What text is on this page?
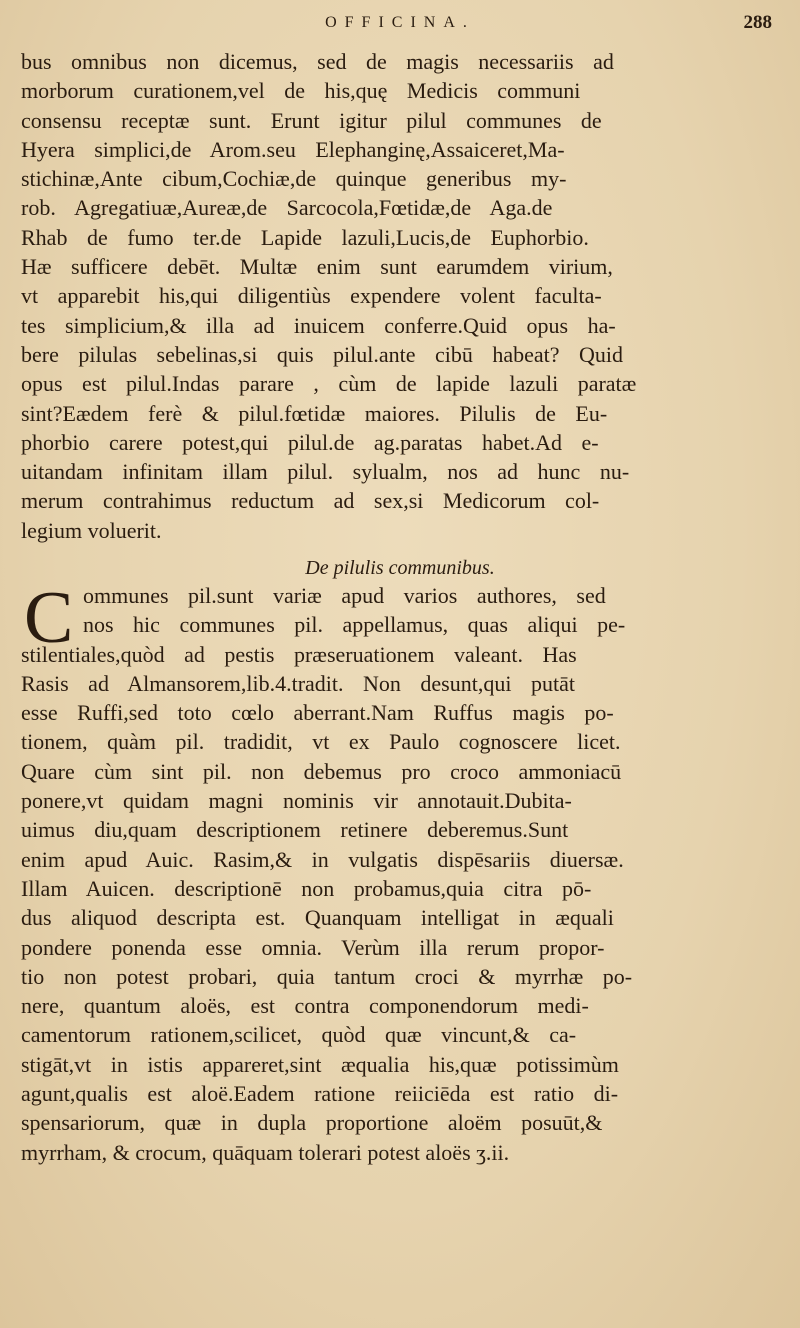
OFFICINA.	288
bus omnibus non dicemus, sed de magis necessariis ad
morborum curationem,vel de his,quę Medicis communi
consensu receptæ sunt. Erunt igitur pilul communes de
Hyera simplici,de Arom.seu Elephanginę,Assaiceret,Ma-
stichinæ,Ante cibum,Cochiæ,de quinque generibus my-
rob. Agregatiuæ,Aureæ,de Sarcocola,Fœtidæ,de Aga.de
Rhab de fumo ter.de Lapide lazuli,Lucis,de Euphorbio.
Hæ sufficere debēt. Multæ enim sunt earumdem virium,
vt apparebit his,qui diligentiùs expendere volent faculta-
tes simplicium,& illa ad inuicem conferre.Quid opus ha-
bere pilulas sebelinas,si quis pilul.ante cibū habeat? Quid
opus est pilul.Indas parare , cùm de lapide lazuli paratæ
sint?Eædem ferè & pilul.fœtidæ maiores. Pilulis de Eu-
phorbio carere potest,qui pilul.de ag.paratas habet.Ad e-
uitandam infinitam illam pilul. sylualm, nos ad hunc nu-
merum contrahimus reductum ad sex,si Medicorum col-
legium voluerit.
De pilulis communibus.
C ommunes pil.sunt variæ apud varios authores, sed
nos hic communes pil. appellamus, quas aliqui pe-
stilentiales,quòd ad pestis præseruationem valeant. Has
Rasis ad Almansorem,lib.4.tradit. Non desunt,qui putāt
esse Ruffi,sed toto cœlo aberrant.Nam Ruffus magis po-
tionem, quàm pil. tradidit, vt ex Paulo cognoscere licet.
Quare cùm sint pil. non debemus pro croco ammoniacū
ponere,vt quidam magni nominis vir annotauit.Dubita-
uimus diu,quam descriptionem retinere deberemus.Sunt
enim apud Auic. Rasim,& in vulgatis dispēsariis diuersæ.
Illam Auicen. descriptionē non probamus,quia citra pō-
dus aliquod descripta est. Quanquam intelligat in æquali
pondere ponenda esse omnia. Verùm illa rerum propor-
tio non potest probari, quia tantum croci & myrrhæ po-
nere, quantum aloës, est contra componendorum medi-
camentorum rationem,scilicet, quòd quæ vincunt,& ca-
stigāt,vt in istis appareret,sint æqualia his,quæ potissimùm
agunt,qualis est aloë.Eadem ratione reiiciēda est ratio di-
spensariorum, quæ in dupla proportione aloëm posuūt,&
myrrham, & crocum, quāquam tolerari potest aloës ʒ.ii.
